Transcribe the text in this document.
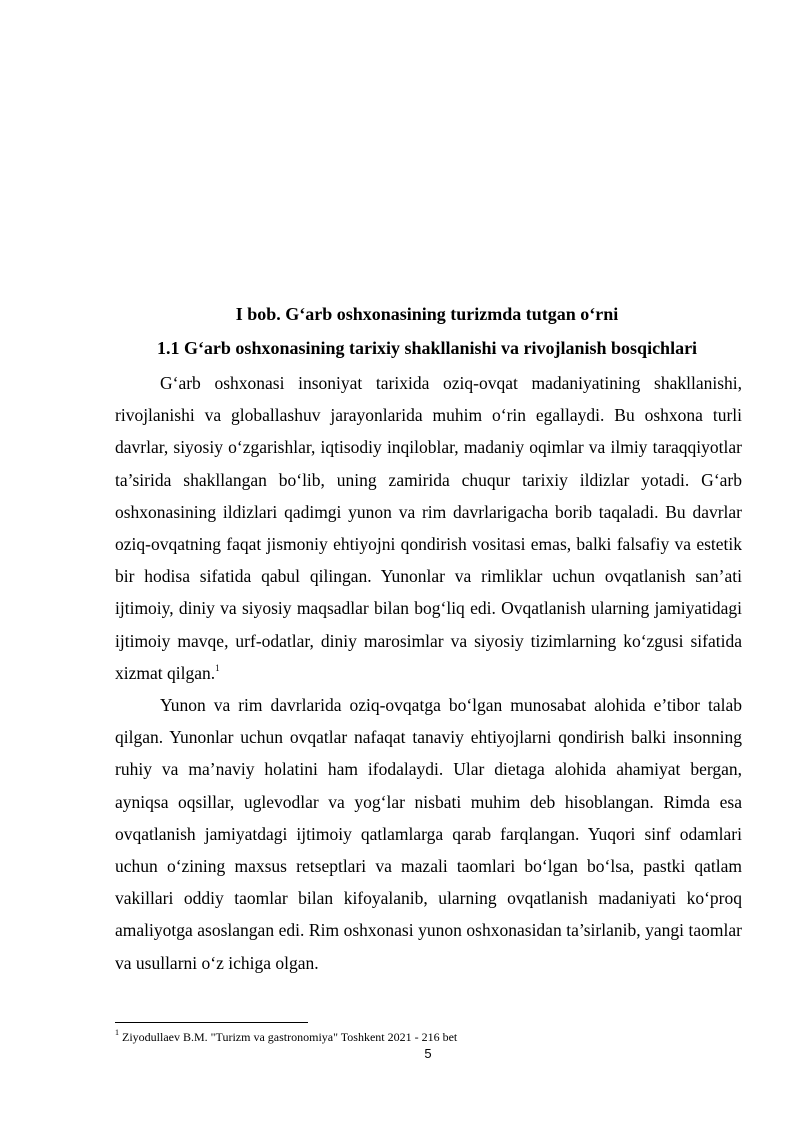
I bob. G‘arb oshxonasining turizmda tutgan o‘rni
1.1 G‘arb oshxonasining tarixiy shakllanishi va rivojlanish bosqichlari

G‘arb oshxonasi insoniyat tarixida oziq-ovqat madaniyatining shakllanishi, rivojlanishi va globallashuv jarayonlarida muhim o‘rin egallaydi. Bu oshxona turli davrlar, siyosiy o‘zgarishlar, iqtisodiy inqiloblar, madaniy oqimlar va ilmiy taraqqiyotlar ta’sirida shakllangan bo‘lib, uning zamirida chuqur tarixiy ildizlar yotadi. G‘arb oshxonasining ildizlari qadimgi yunon va rim davrlarigacha borib taqaladi. Bu davrlar oziq-ovqatning faqat jismoniy ehtiyojni qondirish vositasi emas, balki falsafiy va estetik bir hodisa sifatida qabul qilingan. Yunonlar va rimliklar uchun ovqatlanish san’ati ijtimoiy, diniy va siyosiy maqsadlar bilan bog‘liq edi. Ovqatlanish ularning jamiyatidagi ijtimoiy mavqe, urf-odatlar, diniy marosimlar va siyosiy tizimlarning ko‘zgusi sifatida xizmat qilgan.$^1$

Yunon va rim davrlarida oziq-ovqatga bo‘lgan munosabat alohida e’tibor talab qilgan. Yunonlar uchun ovqatlar nafaqat tanaviy ehtiyojlarni qondirish balki insonning ruhiy va ma’naviy holatini ham ifodalaydi. Ular dietaga alohida ahamiyat bergan, ayniqsa oqsillar, uglevodlar va yog‘lar nisbati muhim deb hisoblangan. Rimda esa ovqatlanish jamiyatdagi ijtimoiy qatlamlarga qarab farqlangan. Yuqori sinf odamlari uchun o‘zining maxsus retseptlari va mazali taomlari bo‘lgan bo‘lsa, pastki qatlam vakillari oddiy taomlar bilan kifoyalanib, ularning ovqatlanish madaniyati ko‘proq amaliyotga asoslangan edi. Rim oshxonasi yunon oshxonasidan ta’sirlanib, yangi taomlar va usullarni o‘z ichiga olgan.

$^1$ Ziyodullaev B.M. "Turizm va gastronomiya" Toshkent 2021 - 216 bet
5
